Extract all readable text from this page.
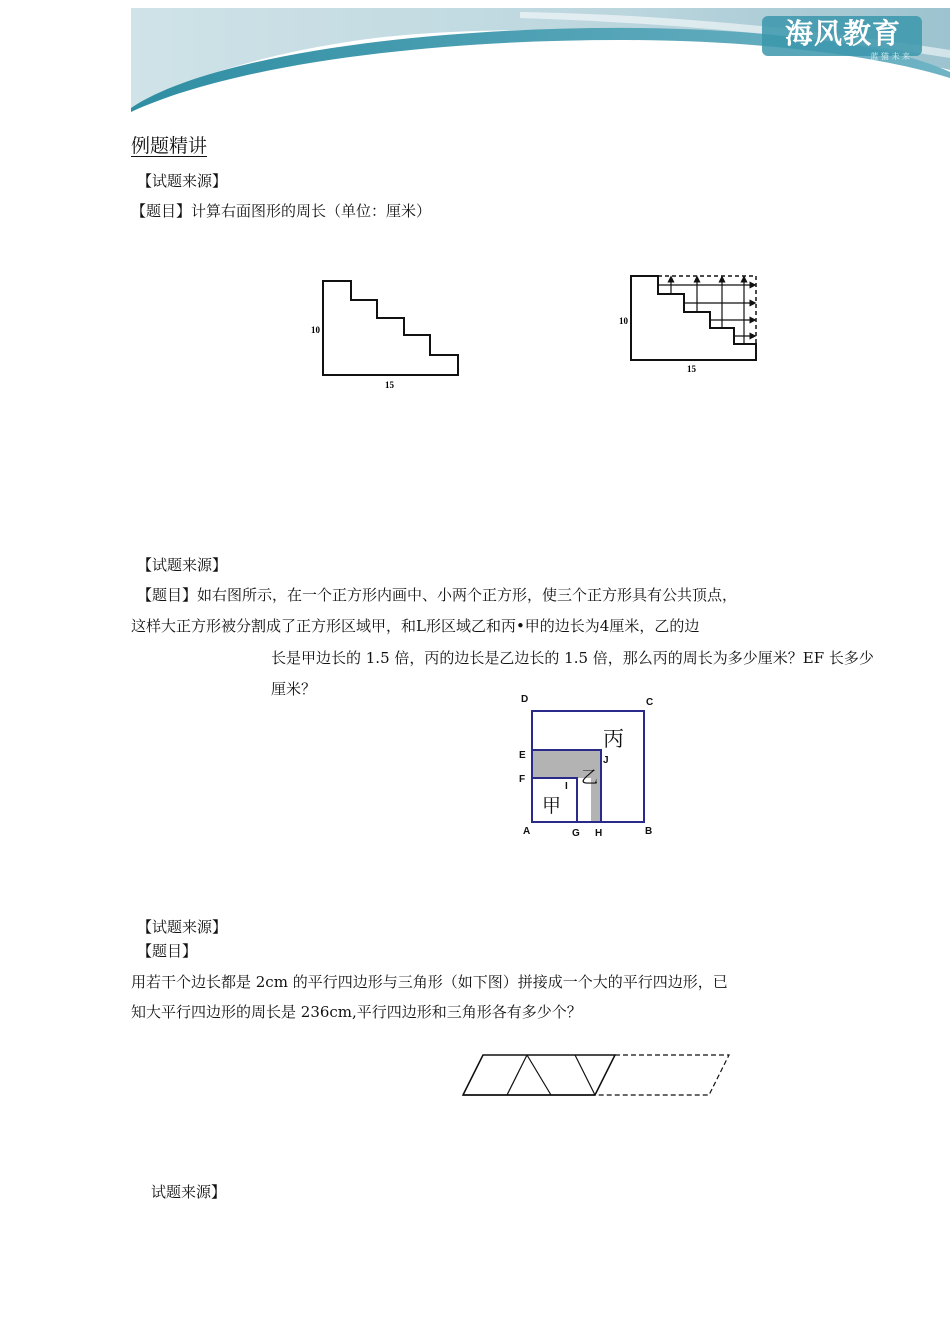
海风教育
蓝 猫 未 来
例题精讲
【试题来源】
【题目】计算右面图形的周长（单位：厘米）
10
15
10
15
【试题来源】
【题目】如右图所示，在一个正方形内画中、小两个正方形，使三个正方形具有公共顶点，
这样大正方形被分割成了正方形区域甲，和L形区域乙和丙•甲的边长为4厘米，乙的边
长是甲边长的 1.5 倍，丙的边长是乙边长的 1.5 倍，那么丙的周长为多少厘米？EF 长多少
厘米？
D	C
E
F
J
I
A	G H	B
甲
乙
丙
【试题来源】
【题目】
用若干个边长都是 2cm 的平行四边形与三角形（如下图）拼接成一个大的平行四边形，已
知大平行四边形的周长是 236cm,平行四边形和三角形各有多少个？
试题来源】
